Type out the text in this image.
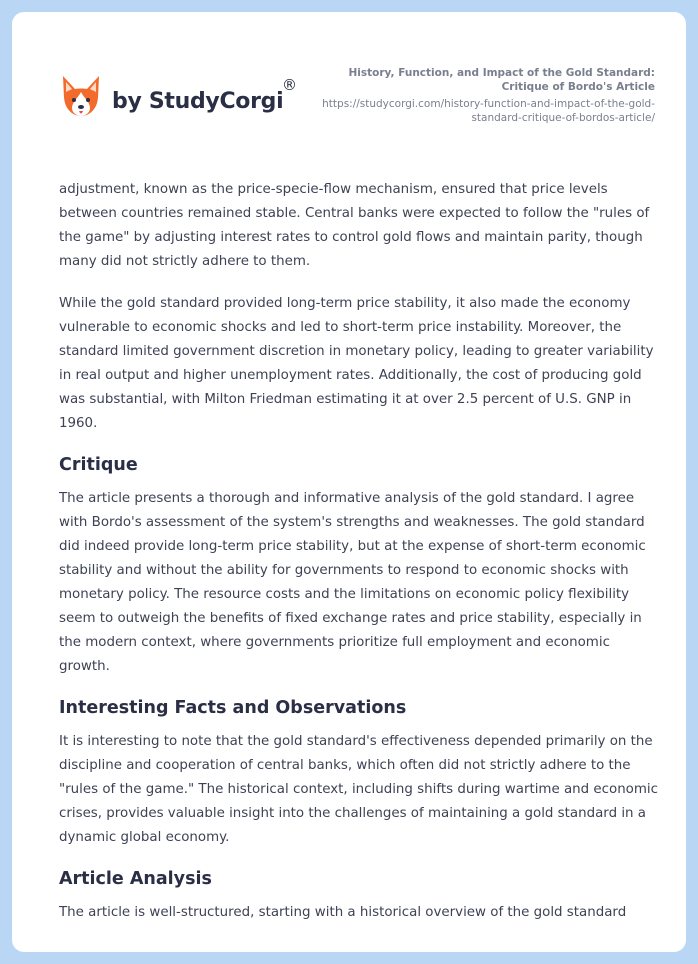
by StudyCorgi
®
History, Function, and Impact of the Gold Standard: Critique of Bordo's Article
https://studycorgi.com/history-function-and-impact-of-the-gold-standard-critique-of-bordos-article/

adjustment, known as the price-specie-flow mechanism, ensured that price levels between countries remained stable. Central banks were expected to follow the "rules of the game" by adjusting interest rates to control gold flows and maintain parity, though many did not strictly adhere to them.

While the gold standard provided long-term price stability, it also made the economy vulnerable to economic shocks and led to short-term price instability. Moreover, the standard limited government discretion in monetary policy, leading to greater variability in real output and higher unemployment rates. Additionally, the cost of producing gold was substantial, with Milton Friedman estimating it at over 2.5 percent of U.S. GNP in 1960.

Critique

The article presents a thorough and informative analysis of the gold standard. I agree with Bordo's assessment of the system's strengths and weaknesses. The gold standard did indeed provide long-term price stability, but at the expense of short-term economic stability and without the ability for governments to respond to economic shocks with monetary policy. The resource costs and the limitations on economic policy flexibility seem to outweigh the benefits of fixed exchange rates and price stability, especially in the modern context, where governments prioritize full employment and economic growth.

Interesting Facts and Observations

It is interesting to note that the gold standard's effectiveness depended primarily on the discipline and cooperation of central banks, which often did not strictly adhere to the "rules of the game." The historical context, including shifts during wartime and economic crises, provides valuable insight into the challenges of maintaining a gold standard in a dynamic global economy.

Article Analysis

The article is well-structured, starting with a historical overview of the gold standard
